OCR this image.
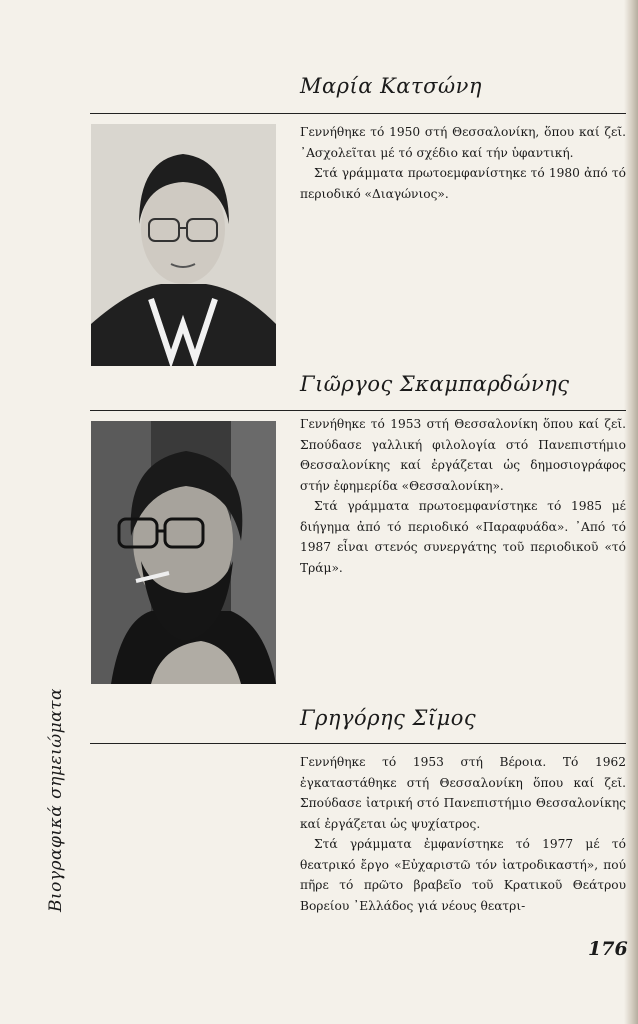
Μαρία Κατσώνη

Γεννήθηκε τό 1950 στή Θεσσαλονίκη, ὅπου καί ζεῖ. ᾽Ασχολεῖται μέ τό σχέδιο καί τήν ὑφαντική.

Στά γράμματα πρωτοεμφανίστηκε τό 1980 ἀπό τό περιοδικό «Διαγώνιος».

Γιῶργος Σκαμπαρδώνης

Γεννήθηκε τό 1953 στή Θεσσαλονίκη ὅπου καί ζεῖ. Σπούδασε γαλλική φιλολογία στό Πανεπιστήμιο Θεσσαλονίκης καί ἐργάζεται ὡς δημοσιογράφος στήν ἐφημερίδα «Θεσσαλονίκη».

Στά γράμματα πρωτοεμφανίστηκε τό 1985 μέ διήγημα ἀπό τό περιοδικό «Παραφυάδα». ᾽Από τό 1987 εἶναι στενός συνεργάτης τοῦ περιοδικοῦ «τό Τράμ».

Γρηγόρης Σῖμος

Γεννήθηκε τό 1953 στή Βέροια. Τό 1962 ἐγκαταστάθηκε στή Θεσσαλονίκη ὅπου καί ζεῖ. Σπούδασε ἰατρική στό Πανεπιστήμιο Θεσσαλονίκης καί ἐργάζεται ὡς ψυχίατρος.

Στά γράμματα ἐμφανίστηκε τό 1977 μέ τό θεατρικό ἔργο «Εὐχαριστῶ τόν ἰατροδικαστή», πού πῆρε τό πρῶτο βραβεῖο τοῦ Κρατικοῦ Θεάτρου Βορείου ᾽Ελλάδος γιά νέους θεατρι-

Βιογραφικά σημειώματα
176
